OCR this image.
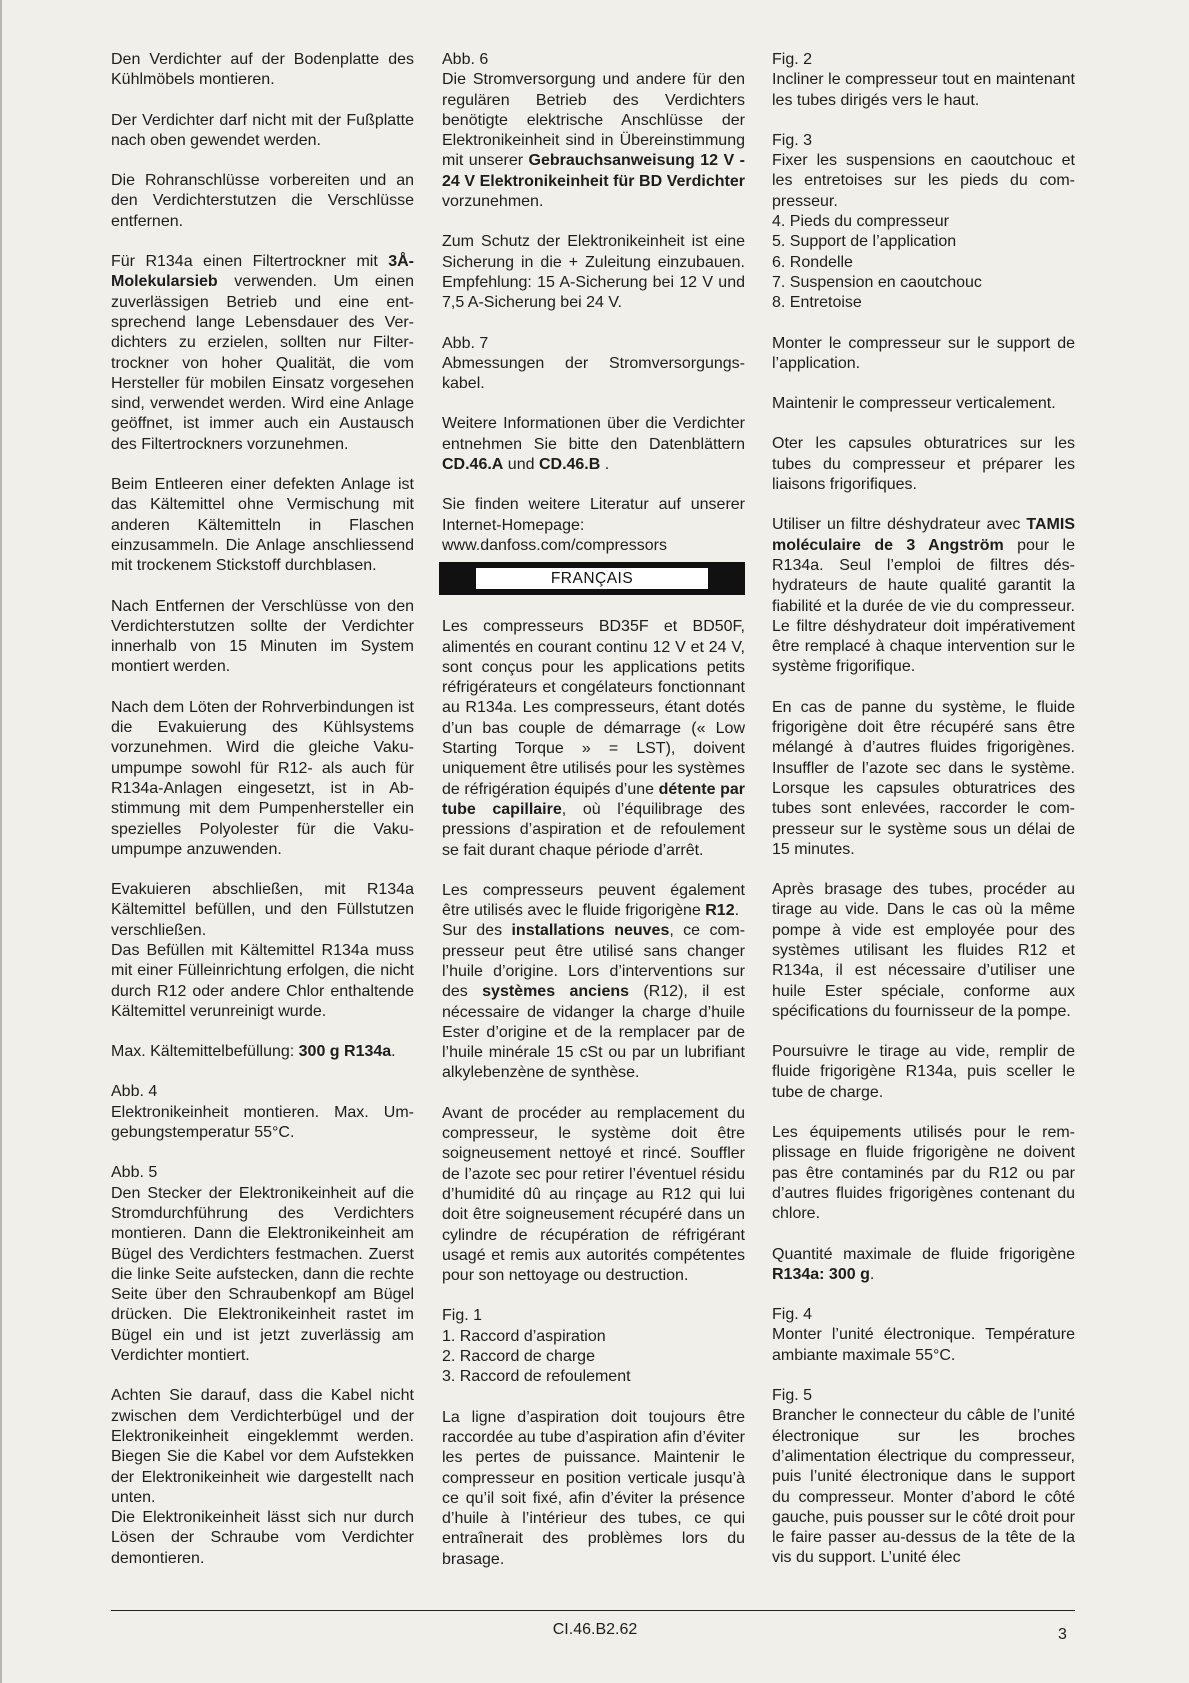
Den Verdichter auf der Bodenplatte des Kühlmöbels montieren.

Der Verdichter darf nicht mit der Fußplatte nach oben gewendet werden.

Die Rohranschlüsse vorbereiten und an den Verdichterstutzen die Verschlüsse entfernen.

Für R134a einen Filtertrockner mit 3Å-Molekularsieb verwenden. Um einen zuverlässigen Betrieb und eine entsprechend lange Lebensdauer des Verdichters zu erzielen, sollten nur Filtertrockner von hoher Qualität, die vom Hersteller für mobilen Einsatz vorgesehen sind, verwendet werden. Wird eine Anlage geöffnet, ist immer auch ein Austausch des Filtertrockners vorzunehmen.

Beim Entleeren einer defekten Anlage ist das Kältemittel ohne Vermischung mit anderen Kältemitteln in Flaschen einzusammeln. Die Anlage anschliessend mit trockenem Stickstoff durchblasen.

Nach Entfernen der Verschlüsse von den Verdichterstutzen sollte der Verdichter innerhalb von 15 Minuten im System montiert werden.

Nach dem Löten der Rohrverbindungen ist die Evakuierung des Kühlsystems vorzunehmen. Wird die gleiche Vakuumpumpe sowohl für R12- als auch für R134a-Anlagen eingesetzt, ist in Abstimmung mit dem Pumpenhersteller ein spezielles Polyolester für die Vakuumpumpe anzuwenden.

Evakuieren abschließen, mit R134a Kältemittel befüllen, und den Füllstutzen verschließen.

Das Befüllen mit Kältemittel R134a muss mit einer Fülleinrichtung erfolgen, die nicht durch R12 oder andere Chlor enthaltende Kältemittel verunreinigt wurde.

Max. Kältemittelbefüllung: 300 g R134a.

Abb. 4

Elektronikeinheit montieren. Max. Umgebungstemperatur 55°C.

Abb. 5

Den Stecker der Elektronikeinheit auf die Stromdurchführung des Verdichters montieren. Dann die Elektronikeinheit am Bügel des Verdichters festmachen. Zuerst die linke Seite aufstecken, dann die rechte Seite über den Schraubenkopf am Bügel drücken. Die Elektronikeinheit rastet im Bügel ein und ist jetzt zuverlässig am Verdichter montiert.

Achten Sie darauf, dass die Kabel nicht zwischen dem Verdichterbügel und der Elektronikeinheit eingeklemmt werden. Biegen Sie die Kabel vor dem Aufstekken der Elektronikeinheit wie dargestellt nach unten.

Die Elektronikeinheit lässt sich nur durch Lösen der Schraube vom Verdichter demontieren.

Abb. 6

Die Stromversorgung und andere für den regulären Betrieb des Verdichters benötigte elektrische Anschlüsse der Elektronikeinheit sind in Übereinstimmung mit unserer Gebrauchsanweisung 12 V - 24 V Elektronikeinheit für BD Verdichter vorzunehmen.

Zum Schutz der Elektronikeinheit ist eine Sicherung in die + Zuleitung einzubauen. Empfehlung: 15 A-Sicherung bei 12 V und 7,5 A-Sicherung bei 24 V.

Abb. 7

Abmessungen der Stromversorgungskabel.

Weitere Informationen über die Verdichter entnehmen Sie bitte den Datenblättern CD.46.A und CD.46.B .

Sie finden weitere Literatur auf unserer Internet-Homepage: www.danfoss.com/compressors

FRANÇAIS

Les compresseurs BD35F et BD50F, alimentés en courant continu 12 V et 24 V, sont conçus pour les applications petits réfrigérateurs et congélateurs fonctionnant au R134a. Les compresseurs, étant dotés d’un bas couple de démarrage (« Low Starting Torque » = LST), doivent uniquement être utilisés pour les systèmes de réfrigération équipés d’une détente par tube capillaire, où l’équilibrage des pressions d’aspiration et de refoulement se fait durant chaque période d’arrêt.

Les compresseurs peuvent également être utilisés avec le fluide frigorigène R12.

Sur des installations neuves, ce compresseur peut être utilisé sans changer l’huile d’origine. Lors d’interventions sur des systèmes anciens (R12), il est nécessaire de vidanger la charge d’huile Ester d’origine et de la remplacer par de l’huile minérale 15 cSt ou par un lubrifiant alkylebenzène de synthèse.

Avant de procéder au remplacement du compresseur, le système doit être soigneusement nettoyé et rincé. Souffler de l’azote sec pour retirer l’éventuel résidu d’humidité dû au rinçage au R12 qui lui doit être soigneusement récupéré dans un cylindre de récupération de réfrigérant usagé et remis aux autorités compétentes pour son nettoyage ou destruction.

Fig. 1

1. Raccord d’aspiration
2. Raccord de charge
3. Raccord de refoulement

La ligne d’aspiration doit toujours être raccordée au tube d’aspiration afin d’éviter les pertes de puissance. Maintenir le compresseur en position verticale jusqu’à ce qu’il soit fixé, afin d’éviter la présence d’huile à l’intérieur des tubes, ce qui entraînerait des problèmes lors du brasage.

Fig. 2

Incliner le compresseur tout en maintenant les tubes dirigés vers le haut.

Fig. 3

Fixer les suspensions en caoutchouc et les entretoises sur les pieds du compresseur.

4. Pieds du compresseur
5. Support de l’application
6. Rondelle
7. Suspension en caoutchouc
8. Entretoise

Monter le compresseur sur le support de l’application.

Maintenir le compresseur verticalement.

Oter les capsules obturatrices sur les tubes du compresseur et préparer les liaisons frigorifiques.

Utiliser un filtre déshydrateur avec TAMIS moléculaire de 3 Angström pour le R134a. Seul l’emploi de filtres déshydrateurs de haute qualité garantit la fiabilité et la durée de vie du compresseur. Le filtre déshydrateur doit impérativement être remplacé à chaque intervention sur le système frigorifique.

En cas de panne du système, le fluide frigorigène doit être récupéré sans être mélangé à d’autres fluides frigorigènes. Insuffler de l’azote sec dans le système. Lorsque les capsules obturatrices des tubes sont enlevées, raccorder le compresseur sur le système sous un délai de 15 minutes.

Après brasage des tubes, procéder au tirage au vide. Dans le cas où la même pompe à vide est employée pour des systèmes utilisant les fluides R12 et R134a, il est nécessaire d’utiliser une huile Ester spéciale, conforme aux spécifications du fournisseur de la pompe.

Poursuivre le tirage au vide, remplir de fluide frigorigène R134a, puis sceller le tube de charge.

Les équipements utilisés pour le remplissage en fluide frigorigène ne doivent pas être contaminés par du R12 ou par d’autres fluides frigorigènes contenant du chlore.

Quantité maximale de fluide frigorigène R134a: 300 g.

Fig. 4

Monter l’unité électronique. Température ambiante maximale 55°C.

Fig. 5

Brancher le connecteur du câble de l’unité électronique sur les broches d’alimentation électrique du compresseur, puis l’unité électronique dans le support du compresseur. Monter d’abord le côté gauche, puis pousser sur le côté droit pour le faire passer au-dessus de la tête de la vis du support. L’unité élec

CI.46.B2.62	3
